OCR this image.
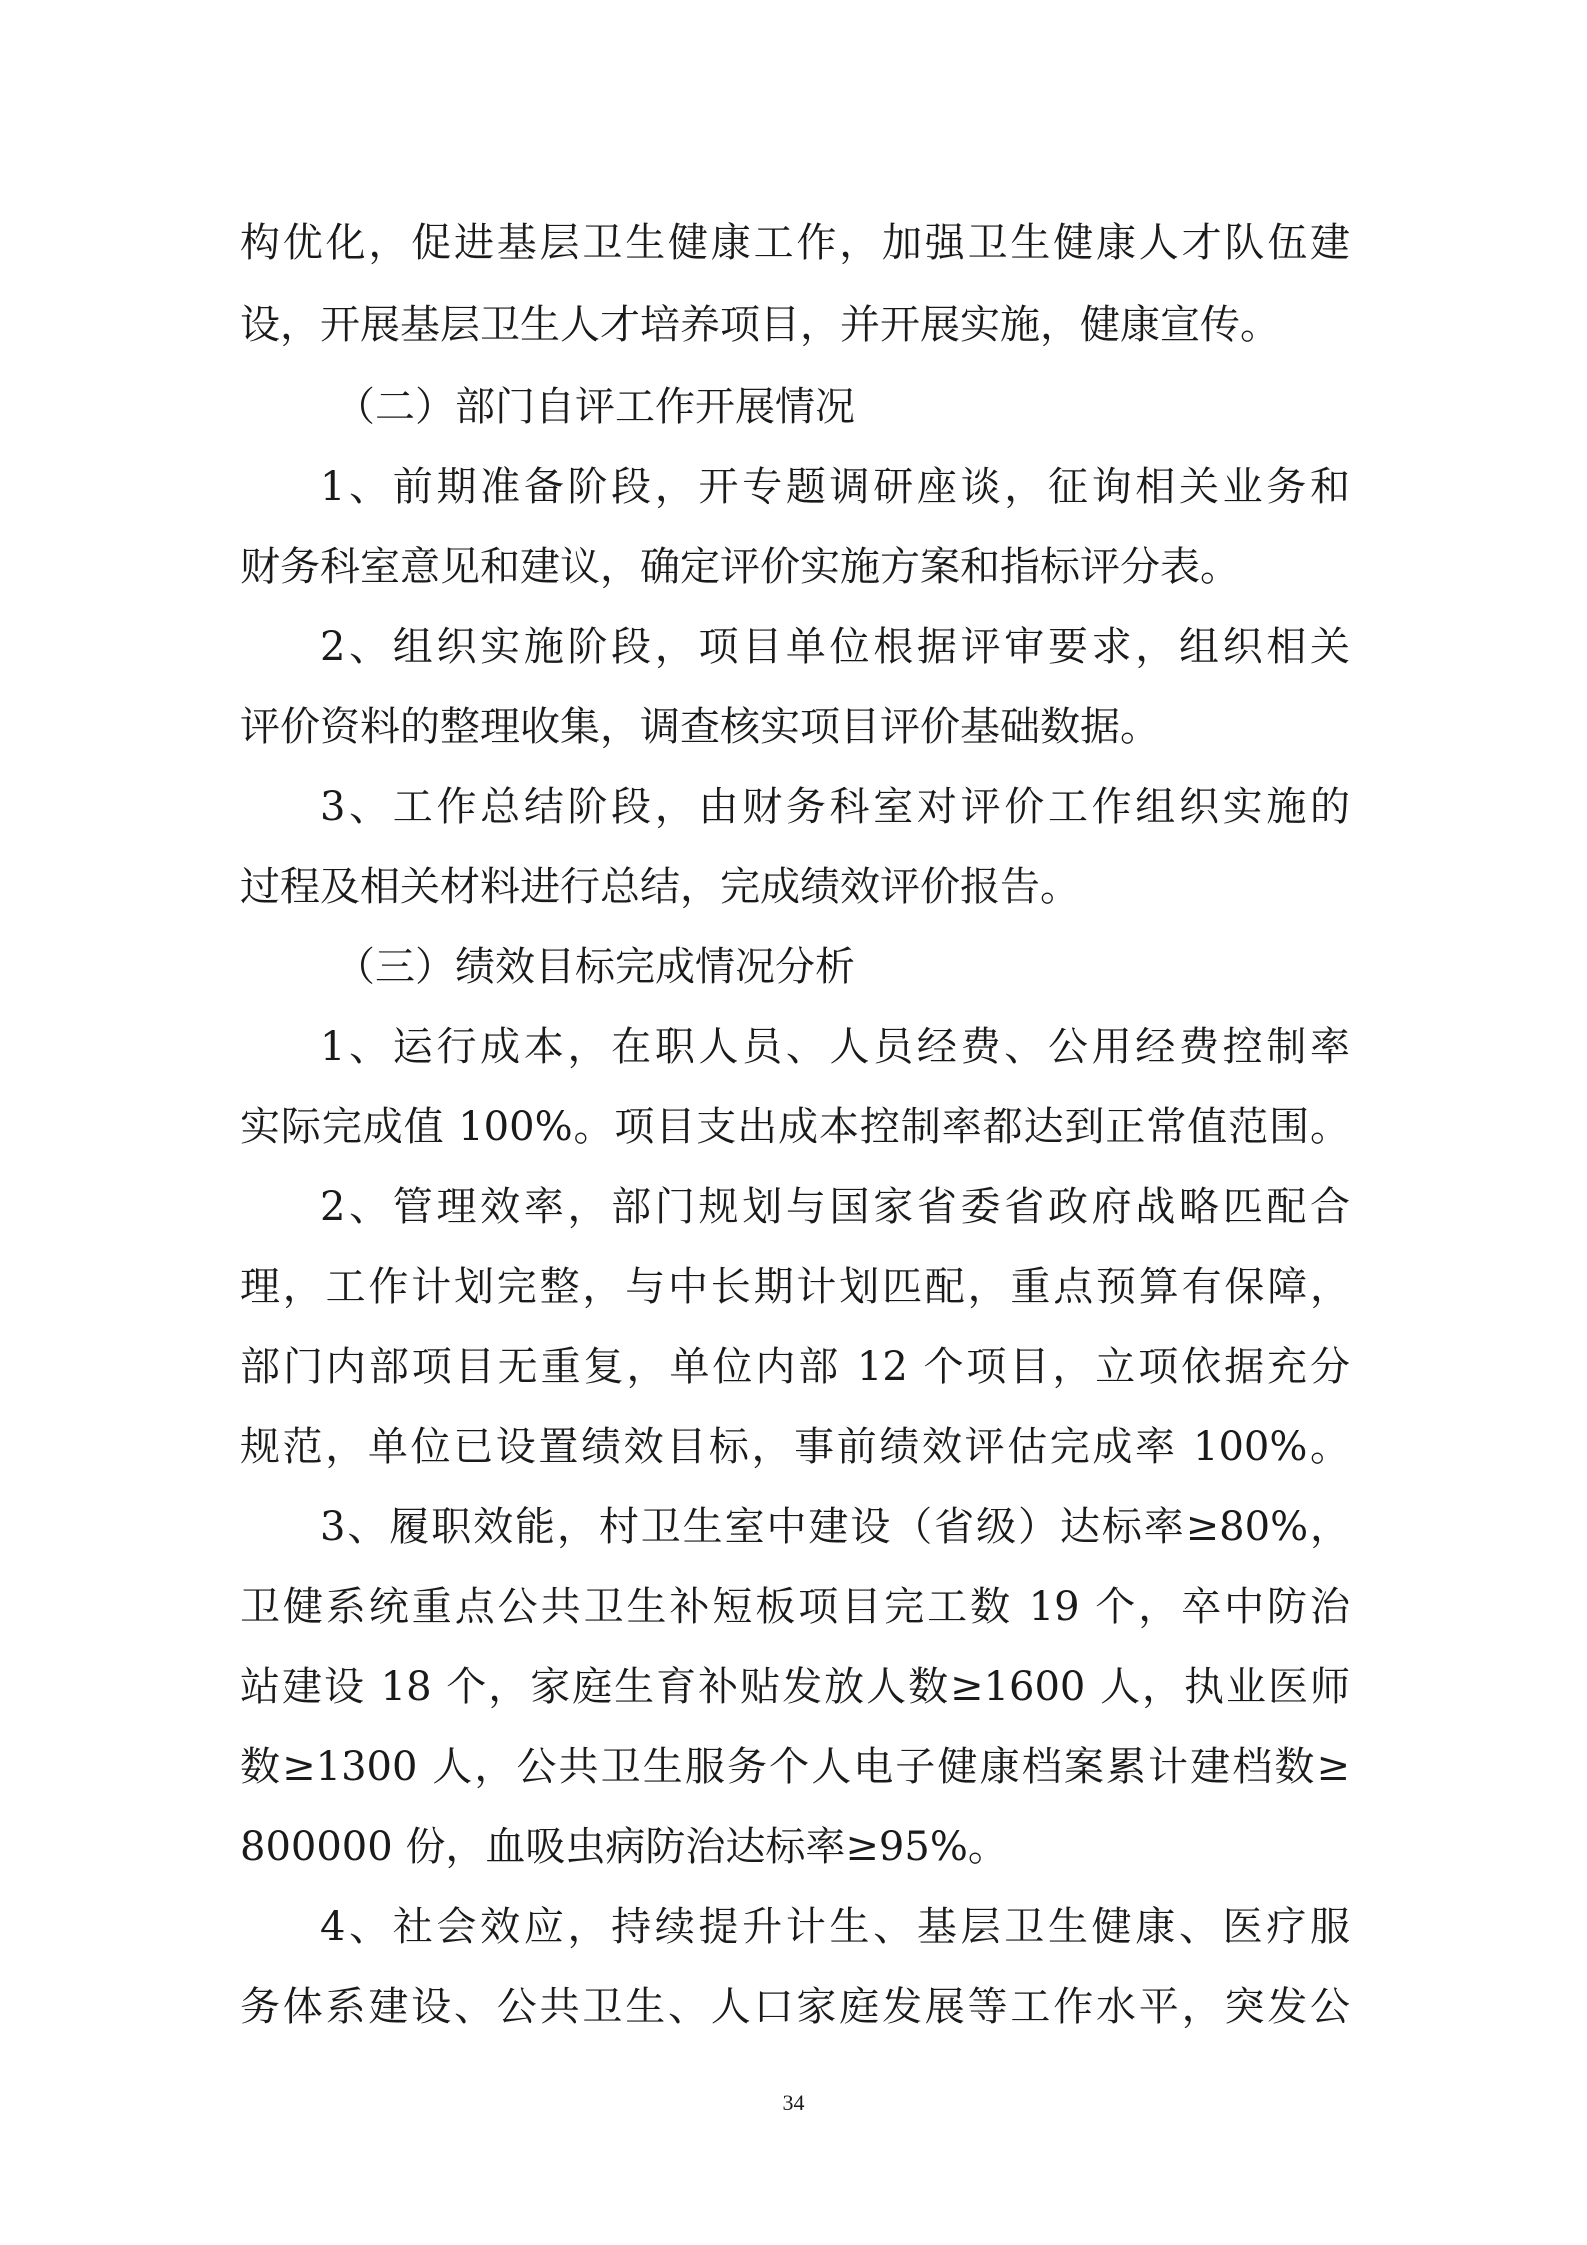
构优化，促进基层卫生健康工作，加强卫生健康人才队伍建
设，开展基层卫生人才培养项目，并开展实施，健康宣传。
（二）部门自评工作开展情况
1、前期准备阶段，开专题调研座谈，征询相关业务和
财务科室意见和建议，确定评价实施方案和指标评分表。
2、组织实施阶段，项目单位根据评审要求，组织相关
评价资料的整理收集，调查核实项目评价基础数据。
3、工作总结阶段，由财务科室对评价工作组织实施的
过程及相关材料进行总结，完成绩效评价报告。
（三）绩效目标完成情况分析
1、运行成本，在职人员、人员经费、公用经费控制率
实际完成值 100%。项目支出成本控制率都达到正常值范围。
2、管理效率，部门规划与国家省委省政府战略匹配合
理，工作计划完整，与中长期计划匹配，重点预算有保障，
部门内部项目无重复，单位内部 12 个项目，立项依据充分
规范，单位已设置绩效目标，事前绩效评估完成率 100%。
3、履职效能，村卫生室中建设（省级）达标率≥80%，
卫健系统重点公共卫生补短板项目完工数 19 个，卒中防治
站建设 18 个，家庭生育补贴发放人数≥1600 人，执业医师
数≥1300 人，公共卫生服务个人电子健康档案累计建档数≥
800000 份，血吸虫病防治达标率≥95%。
4、社会效应，持续提升计生、基层卫生健康、医疗服
务体系建设、公共卫生、人口家庭发展等工作水平，突发公
34
